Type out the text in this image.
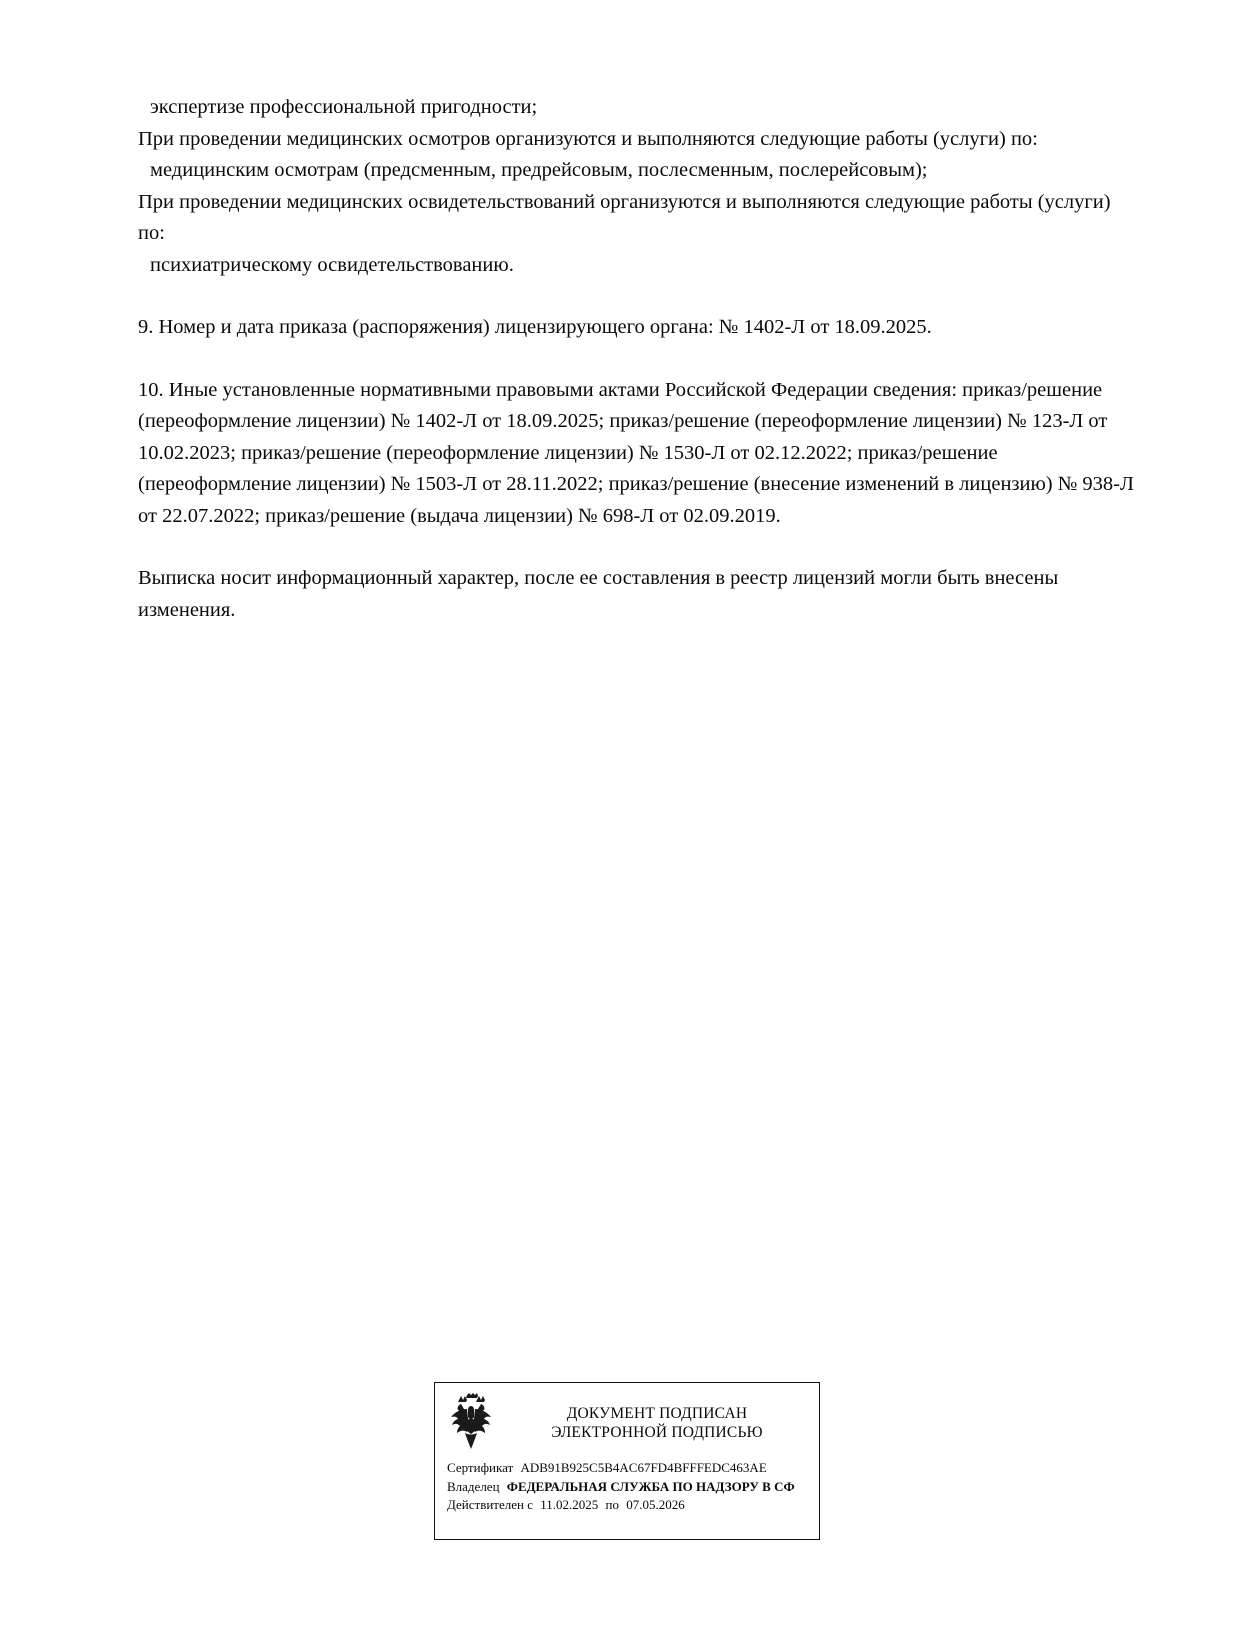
экспертизе профессиональной пригодности;

При проведении медицинских осмотров организуются и выполняются следующие работы (услуги) по:

медицинским осмотрам (предсменным, предрейсовым, послесменным, послерейсовым);

При проведении медицинских освидетельствований организуются и выполняются следующие работы (услуги) по:

психиатрическому освидетельствованию.

9. Номер и дата приказа (распоряжения) лицензирующего органа: № 1402-Л от 18.09.2025.

10. Иные установленные нормативными правовыми актами Российской Федерации сведения: приказ/решение (переоформление лицензии) № 1402-Л от 18.09.2025; приказ/решение (переоформление лицензии) № 123-Л от 10.02.2023; приказ/решение (переоформление лицензии) № 1530-Л от 02.12.2022; приказ/решение (переоформление лицензии) № 1503-Л от 28.11.2022; приказ/решение (внесение изменений в лицензию) № 938-Л от 22.07.2022; приказ/решение (выдача лицензии) № 698-Л от 02.09.2019.

Выписка носит информационный характер, после ее составления в реестр лицензий могли быть внесены изменения.

ДОКУМЕНТ ПОДПИСАН
ЭЛЕКТРОННОЙ ПОДПИСЬЮ
Сертификат ADB91B925C5B4AC67FD4BFFFEDC463AE
Владелец ФЕДЕРАЛЬНАЯ СЛУЖБА ПО НАДЗОРУ В СФ
Действителен с 11.02.2025 по 07.05.2026
